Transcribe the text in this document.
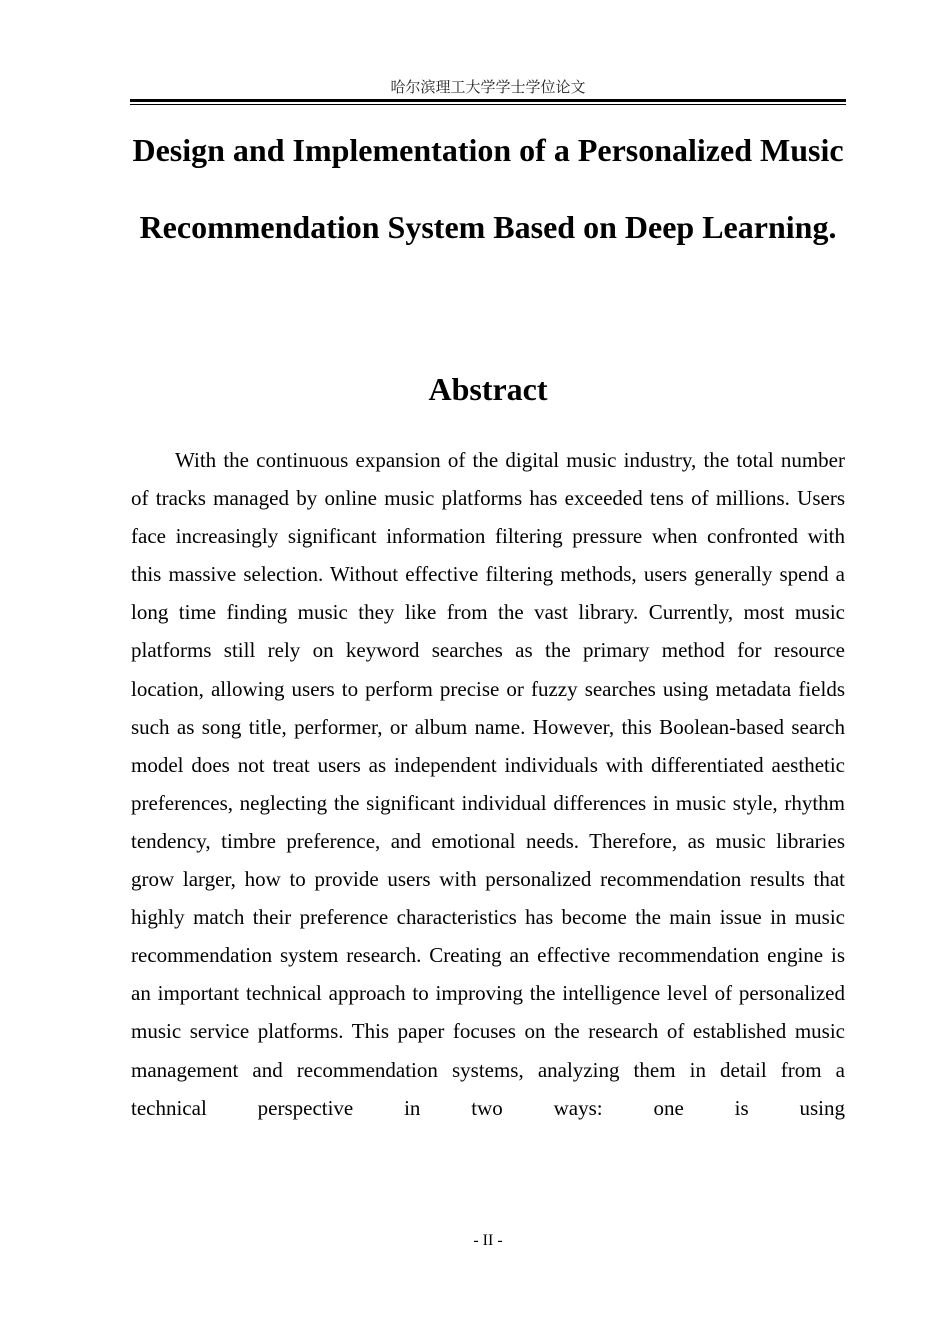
哈尔滨理工大学学士学位论文
Design and Implementation of a Personalized Music Recommendation System Based on Deep Learning.
Abstract

With the continuous expansion of the digital music industry, the total number of tracks managed by online music platforms has exceeded tens of millions. Users face increasingly significant information filtering pressure when confronted with this massive selection. Without effective filtering methods, users generally spend a long time finding music they like from the vast library. Currently, most music platforms still rely on keyword searches as the primary method for resource location, allowing users to perform precise or fuzzy searches using metadata fields such as song title, performer, or album name. However, this Boolean-based search model does not treat users as independent individuals with differentiated aesthetic preferences, neglecting the significant individual differences in music style, rhythm tendency, timbre preference, and emotional needs. Therefore, as music libraries grow larger, how to provide users with personalized recommendation results that highly match their preference characteristics has become the main issue in music recommendation system research. Creating an effective recommendation engine is an important technical approach to improving the intelligence level of personalized music service platforms. This paper focuses on the research of established music management and recommendation systems, analyzing them in detail from a technical perspective in two ways: one is using

- II -
